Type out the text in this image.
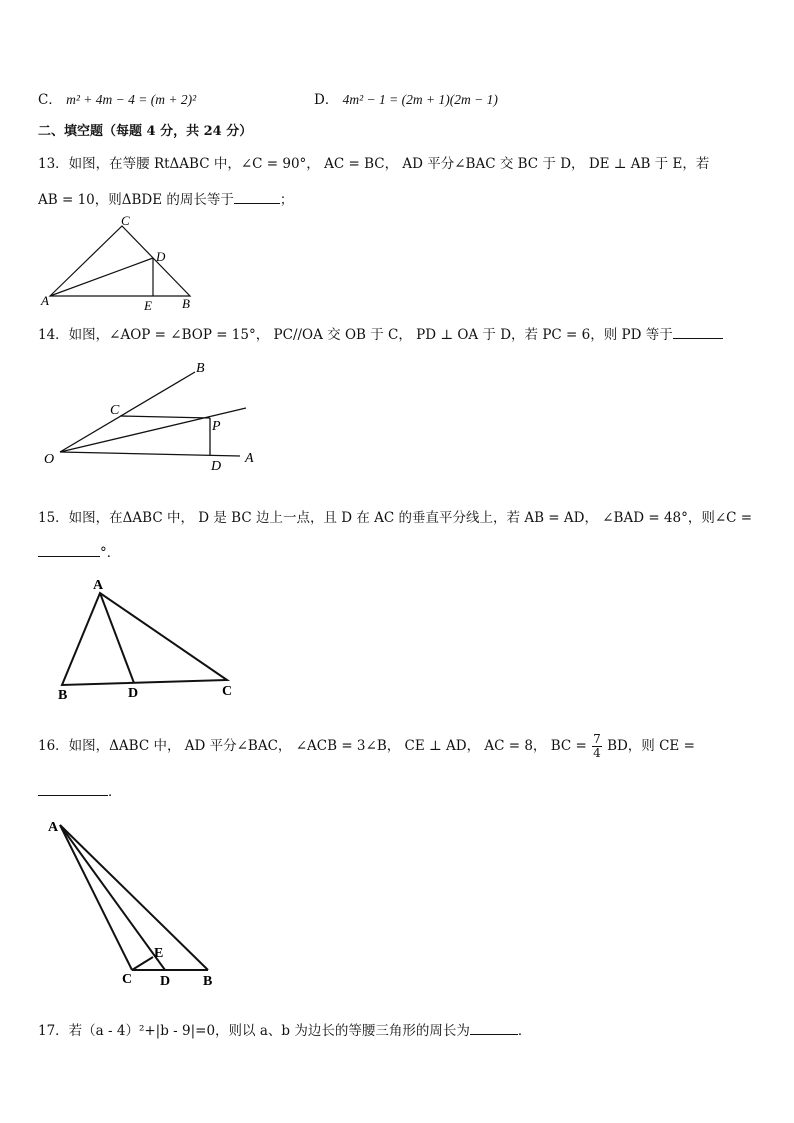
C． m² + 4m − 4 = (m + 2)²	D． 4m² − 1 = (2m + 1)(2m − 1)
二、填空题（每题 4 分，共 24 分）
13．如图，在等腰 RtΔABC 中，∠C = 90°， AC = BC， AD 平分∠BAC 交 BC 于 D， DE ⊥ AB 于 E，若
AB = 10，则ΔBDE 的周长等于	；
C
D
A	E B
14．如图，∠AOP = ∠BOP = 15°， PC//OA 交 OB 于 C， PD ⊥ OA 于 D，若 PC = 6，则 PD 等于
B
C
P
O	D
A
15．如图，在ΔABC 中， D 是 BC 边上一点，且 D 在 AC 的垂直平分线上，若 AB = AD， ∠BAD = 48°，则∠C =
°．
A
B	D	C
16．如图，ΔABC 中， AD 平分∠BAC， ∠ACB = 3∠B， CE ⊥ AD， AC = 8， BC = $\frac{7}{4}$ BD，则 CE =
．
A
E
C D B
17．若（a - 4）²+|b - 9|=0，则以 a、b 为边长的等腰三角形的周长为	．
